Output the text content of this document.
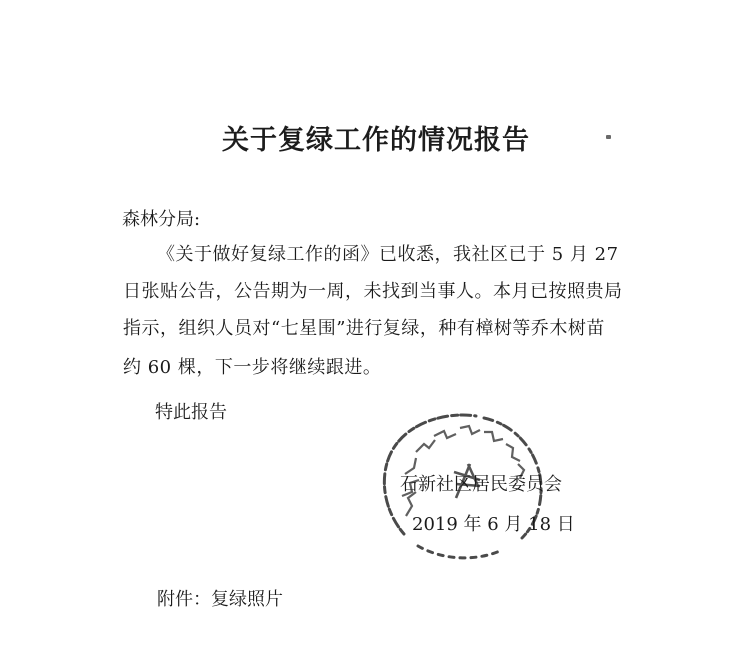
关于复绿工作的情况报告
森林分局:
《关于做好复绿工作的函》已收悉，我社区已于 5 月 27
日张贴公告，公告期为一周，未找到当事人。本月已按照贵局
指示，组织人员对“七星围”进行复绿，种有樟树等乔木树苗
约 60 棵，下一步将继续跟进。
特此报告
石新社区居民委员会
2019 年 6 月 18 日
附件：复绿照片
